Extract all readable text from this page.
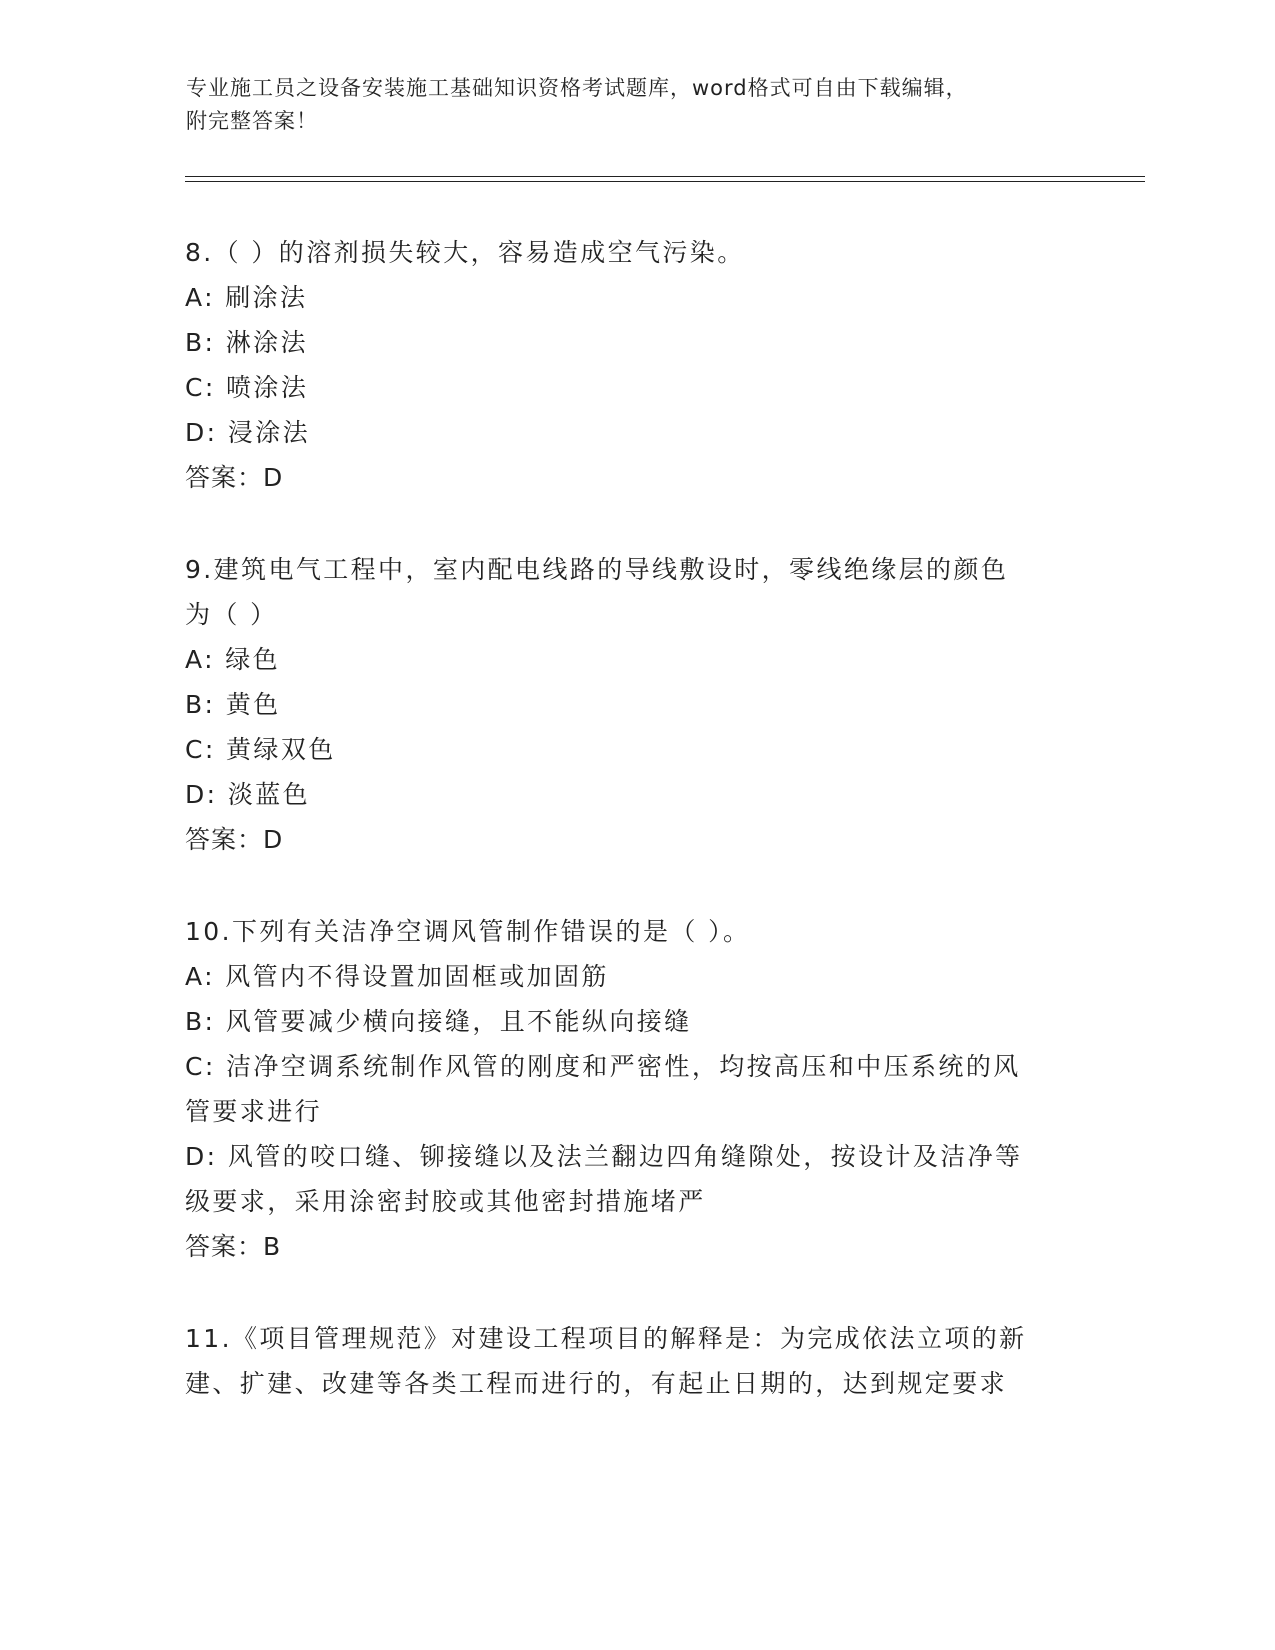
专业施工员之设备安装施工基础知识资格考试题库，word格式可自由下载编辑，
附完整答案！
8.（ ）的溶剂损失较大，容易造成空气污染。
A: 刷涂法
B: 淋涂法
C: 喷涂法
D: 浸涂法
答案：D
9.建筑电气工程中，室内配电线路的导线敷设时，零线绝缘层的颜色
为（ ）
A: 绿色
B: 黄色
C: 黄绿双色
D: 淡蓝色
答案：D
10.下列有关洁净空调风管制作错误的是（ ）。
A: 风管内不得设置加固框或加固筋
B: 风管要减少横向接缝，且不能纵向接缝
C: 洁净空调系统制作风管的刚度和严密性，均按高压和中压系统的风
管要求进行
D: 风管的咬口缝、铆接缝以及法兰翻边四角缝隙处，按设计及洁净等
级要求，采用涂密封胶或其他密封措施堵严
答案：B
11.《项目管理规范》对建设工程项目的解释是：为完成依法立项的新
建、扩建、改建等各类工程而进行的，有起止日期的，达到规定要求
